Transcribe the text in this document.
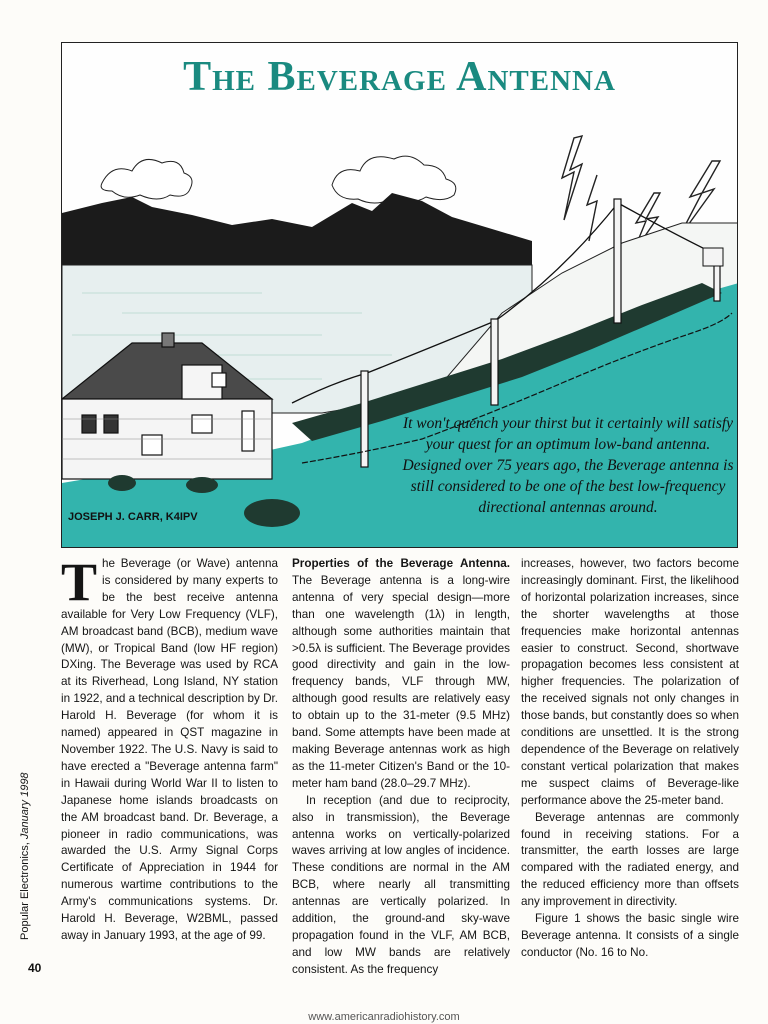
The Beverage Antenna
JOSEPH J. CARR, K4IPV

It won't quench your thirst but it certainly will satisfy your quest for an optimum low-band antenna. Designed over 75 years ago, the Beverage antenna is still considered to be one of the best low-frequency directional antennas around.

The Beverage (or Wave) antenna is considered by many experts to be the best receive antenna available for Very Low Frequency (VLF), AM broadcast band (BCB), medium wave (MW), or Tropical Band (low HF region) DXing. The Beverage was used by RCA at its Riverhead, Long Island, NY station in 1922, and a technical description by Dr. Harold H. Beverage (for whom it is named) appeared in QST magazine in November 1922. The U.S. Navy is said to have erected a "Beverage antenna farm" in Hawaii during World War II to listen to Japanese home islands broadcasts on the AM broadcast band. Dr. Beverage, a pioneer in radio communications, was awarded the U.S. Army Signal Corps Certificate of Appreciation in 1944 for numerous wartime contributions to the Army's communications systems. Dr. Harold H. Beverage, W2BML, passed away in January 1993, at the age of 99.

Properties of the Beverage Antenna. The Beverage antenna is a long-wire antenna of very special design—more than one wavelength (1λ) in length, although some authorities maintain that >0.5λ is sufficient. The Beverage provides good directivity and gain in the low-frequency bands, VLF through MW, although good results are relatively easy to obtain up to the 31-meter (9.5 MHz) band. Some attempts have been made at making Beverage antennas work as high as the 11-meter Citizen's Band or the 10-meter ham band (28.0–29.7 MHz).

In reception (and due to reciprocity, also in transmission), the Beverage antenna works on vertically-polarized waves arriving at low angles of incidence. These conditions are normal in the AM BCB, where nearly all transmitting antennas are vertically polarized. In addition, the ground-and sky-wave propagation found in the VLF, AM BCB, and low MW bands are relatively consistent. As the frequency

increases, however, two factors become increasingly dominant. First, the likelihood of horizontal polarization increases, since the shorter wavelengths at those frequencies make horizontal antennas easier to construct. Second, shortwave propagation becomes less consistent at higher frequencies. The polarization of the received signals not only changes in those bands, but constantly does so when conditions are unsettled. It is the strong dependence of the Beverage on relatively constant vertical polarization that makes me suspect claims of Beverage-like performance above the 25-meter band.

Beverage antennas are commonly found in receiving stations. For a transmitter, the earth losses are large compared with the radiated energy, and the reduced efficiency more than offsets any improvement in directivity.

Figure 1 shows the basic single wire Beverage antenna. It consists of a single conductor (No. 16 to No.

Popular Electronics, January 1998
40
www.americanradiohistory.com
